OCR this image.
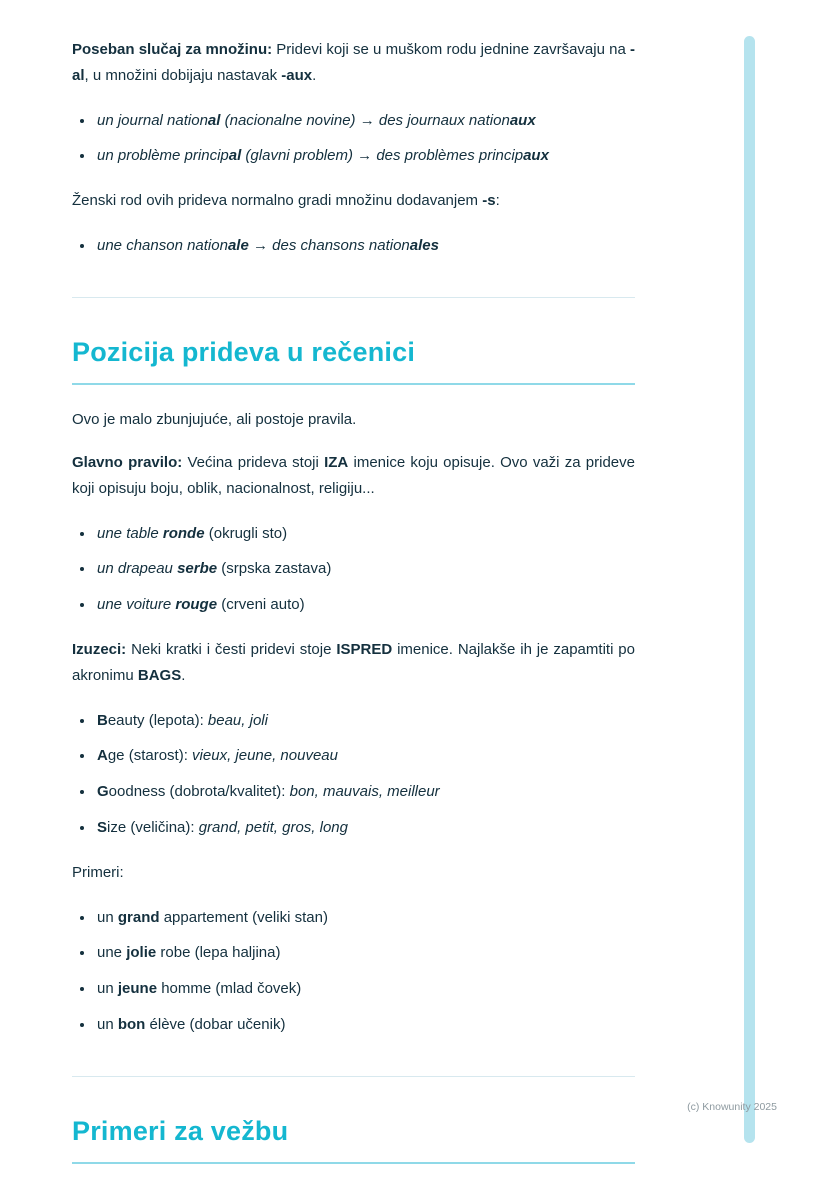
Poseban slučaj za množinu: Pridevi koji se u muškom rodu jednine završavaju na -al, u množini dobijaju nastavak -aux.

• un journal national (nacionalne novine) → des journaux nationaux
• un problème principal (glavni problem) → des problèmes principaux

Ženski rod ovih prideva normalno gradi množinu dodavanjem -s:

• une chanson nationale → des chansons nationales
Pozicija prideva u rečenici

Ovo je malo zbunjujuće, ali postoje pravila.

Glavno pravilo: Većina prideva stoji IZA imenice koju opisuje. Ovo važi za prideve koji opisuju boju, oblik, nacionalnost, religiju...

• une table ronde (okrugli sto)
• un drapeau serbe (srpska zastava)
• une voiture rouge (crveni auto)

Izuzeci: Neki kratki i česti pridevi stoje ISPRED imenice. Najlakše ih je zapamtiti po akronimu BAGS.

• Beauty (lepota): beau, joli
• Age (starost): vieux, jeune, nouveau
• Goodness (dobrota/kvalitet): bon, mauvais, meilleur
• Size (veličina): grand, petit, gros, long

Primeri:

• un grand appartement (veliki stan)
• une jolie robe (lepa haljina)
• un jeune homme (mlad čovek)
• un bon élève (dobar učenik)
Primeri za vežbu
(c) Knowunity 2025
